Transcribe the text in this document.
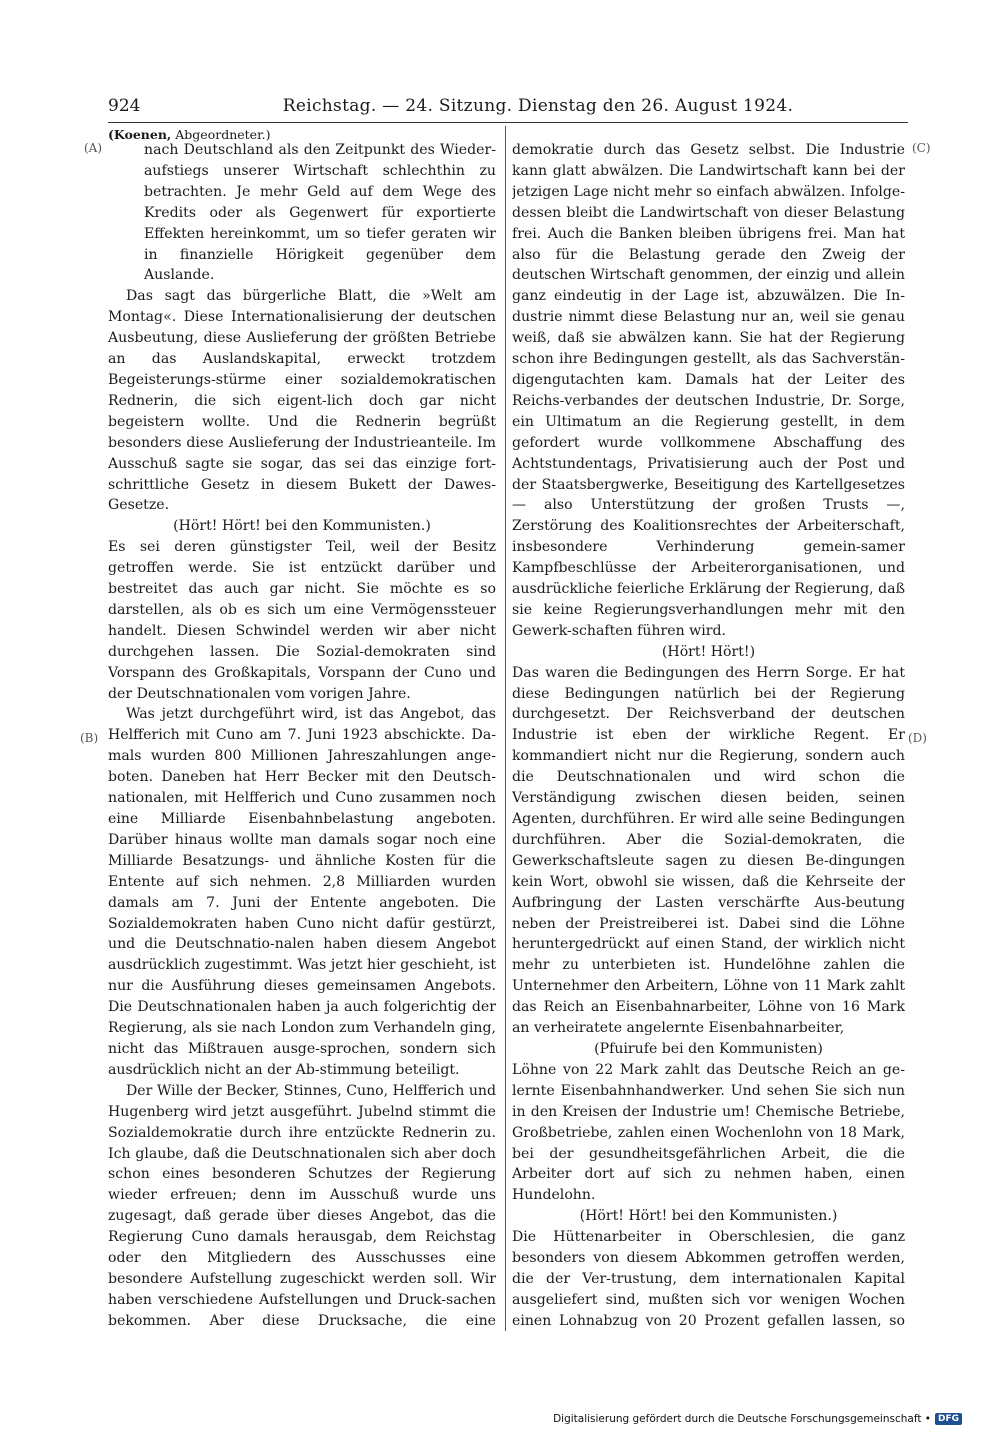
924	Reichstag. — 24. Sitzung. Dienstag den 26. August 1924.
(Koenen, Abgeordneter.)
(A)
(B)
(C)
(D)

nach Deutschland als den Zeitpunkt des Wieder-aufstiegs unserer Wirtschaft schlechthin zu betrachten. Je mehr Geld auf dem Wege des Kredits oder als Gegenwert für exportierte Effekten hereinkommt, um so tiefer geraten wir in finanzielle Hörigkeit gegenüber dem Auslande.

Das sagt das bürgerliche Blatt, die »Welt am Montag«. Diese Internationalisierung der deutschen Ausbeutung, diese Auslieferung der größten Betriebe an das Auslandskapital, erweckt trotzdem Begeisterungs-stürme einer sozialdemokratischen Rednerin, die sich eigent-lich doch gar nicht begeistern wollte. Und die Rednerin begrüßt besonders diese Auslieferung der Industrieanteile. Im Ausschuß sagte sie sogar, das sei das einzige fort-schrittliche Gesetz in diesem Bukett der Dawes-Gesetze.

(Hört! Hört! bei den Kommunisten.)

Es sei deren günstigster Teil, weil der Besitz getroffen werde. Sie ist entzückt darüber und bestreitet das auch gar nicht. Sie möchte es so darstellen, als ob es sich um eine Vermögenssteuer handelt. Diesen Schwindel werden wir aber nicht durchgehen lassen. Die Sozial-demokraten sind Vorspann des Großkapitals, Vorspann der Cuno und der Deutschnationalen vom vorigen Jahre.

Was jetzt durchgeführt wird, ist das Angebot, das Helfferich mit Cuno am 7. Juni 1923 abschickte. Da-mals wurden 800 Millionen Jahreszahlungen ange-boten. Daneben hat Herr Becker mit den Deutsch-nationalen, mit Helfferich und Cuno zusammen noch eine Milliarde Eisenbahnbelastung angeboten. Darüber hinaus wollte man damals sogar noch eine Milliarde Besatzungs- und ähnliche Kosten für die Entente auf sich nehmen. 2,8 Milliarden wurden damals am 7. Juni der Entente angeboten. Die Sozialdemokraten haben Cuno nicht dafür gestürzt, und die Deutschnatio-nalen haben diesem Angebot ausdrücklich zugestimmt. Was jetzt hier geschieht, ist nur die Ausführung dieses gemeinsamen Angebots. Die Deutschnationalen haben ja auch folgerichtig der Regierung, als sie nach London zum Verhandeln ging, nicht das Mißtrauen ausge-sprochen, sondern sich ausdrücklich nicht an der Ab-stimmung beteiligt.

Der Wille der Becker, Stinnes, Cuno, Helfferich und Hugenberg wird jetzt ausgeführt. Jubelnd stimmt die Sozialdemokratie durch ihre entzückte Rednerin zu. Ich glaube, daß die Deutschnationalen sich aber doch schon eines besonderen Schutzes der Regierung wieder erfreuen; denn im Ausschuß wurde uns zugesagt, daß gerade über dieses Angebot, das die Regierung Cuno damals herausgab, dem Reichstag oder den Mitgliedern des Ausschusses eine besondere Aufstellung zugeschickt werden soll. Wir haben verschiedene Aufstellungen und Druck-sachen bekommen. Aber diese Drucksache, die eine

demokratie durch das Gesetz selbst. Die Industrie kann glatt abwälzen. Die Landwirtschaft kann bei der jetzigen Lage nicht mehr so einfach abwälzen. Infolge-dessen bleibt die Landwirtschaft von dieser Belastung frei. Auch die Banken bleiben übrigens frei. Man hat also für die Belastung gerade den Zweig der deutschen Wirtschaft genommen, der einzig und allein ganz eindeutig in der Lage ist, abzuwälzen. Die In-dustrie nimmt diese Belastung nur an, weil sie genau weiß, daß sie abwälzen kann. Sie hat der Regierung schon ihre Bedingungen gestellt, als das Sachverstän-digengutachten kam. Damals hat der Leiter des Reichs-verbandes der deutschen Industrie, Dr. Sorge, ein Ultimatum an die Regierung gestellt, in dem gefordert wurde vollkommene Abschaffung des Achtstundentags, Privatisierung auch der Post und der Staatsbergwerke, Beseitigung des Kartellgesetzes — also Unterstützung der großen Trusts —, Zerstörung des Koalitionsrechtes der Arbeiterschaft, insbesondere Verhinderung gemein-samer Kampfbeschlüsse der Arbeiterorganisationen, und ausdrückliche feierliche Erklärung der Regierung, daß sie keine Regierungsverhandlungen mehr mit den Gewerk-schaften führen wird.

(Hört! Hört!)

Das waren die Bedingungen des Herrn Sorge. Er hat diese Bedingungen natürlich bei der Regierung durchgesetzt. Der Reichsverband der deutschen Industrie ist eben der wirkliche Regent. Er kommandiert nicht nur die Regierung, sondern auch die Deutschnationalen und wird schon die Verständigung zwischen diesen beiden, seinen Agenten, durchführen. Er wird alle seine Bedingungen durchführen. Aber die Sozial-demokraten, die Gewerkschaftsleute sagen zu diesen Be-dingungen kein Wort, obwohl sie wissen, daß die Kehrseite der Aufbringung der Lasten verschärfte Aus-beutung neben der Preistreiberei ist. Dabei sind die Löhne heruntergedrückt auf einen Stand, der wirklich nicht mehr zu unterbieten ist. Hundelöhne zahlen die Unternehmer den Arbeitern, Löhne von 11 Mark zahlt das Reich an Eisenbahnarbeiter, Löhne von 16 Mark an verheiratete angelernte Eisenbahnarbeiter,

(Pfuirufe bei den Kommunisten)

Löhne von 22 Mark zahlt das Deutsche Reich an ge-lernte Eisenbahnhandwerker. Und sehen Sie sich nun in den Kreisen der Industrie um! Chemische Betriebe, Großbetriebe, zahlen einen Wochenlohn von 18 Mark, bei der gesundheitsgefährlichen Arbeit, die die Arbeiter dort auf sich zu nehmen haben, einen Hundelohn.

(Hört! Hört! bei den Kommunisten.)

Die Hüttenarbeiter in Oberschlesien, die ganz besonders von diesem Abkommen getroffen werden, die der Ver-trustung, dem internationalen Kapital ausgeliefert sind, mußten sich vor wenigen Wochen einen Lohnabzug von 20 Prozent gefallen lassen, so

Digitalisierung gefördert durch die Deutsche Forschungsgemeinschaft • DFG
